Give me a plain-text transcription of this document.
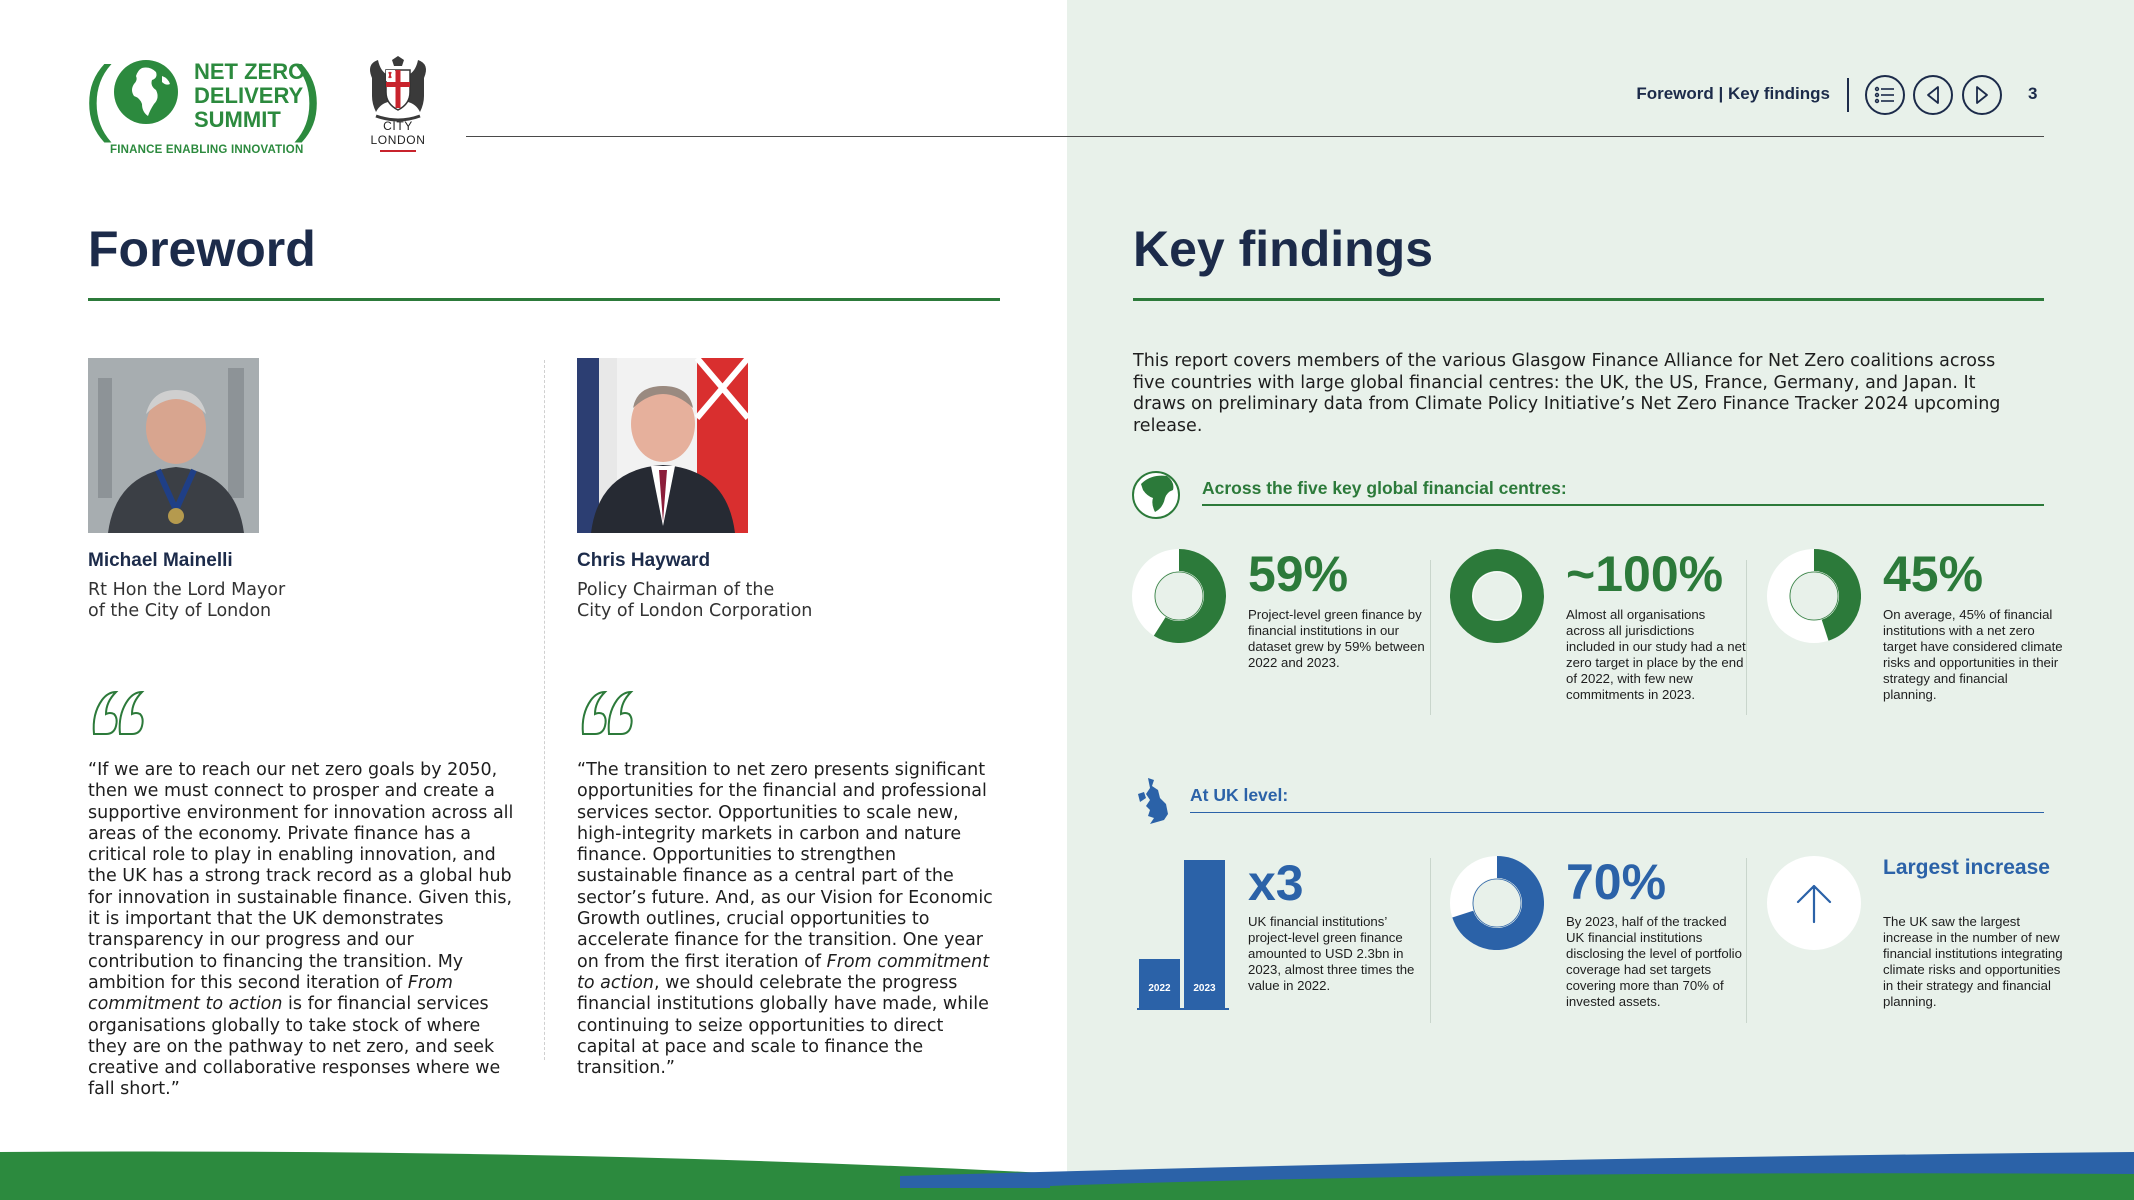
( (
NET ZERO
DELIVERY
SUMMIT
FINANCE ENABLING INNOVATION
CITY
LONDON
Foreword | Key findings	3
Foreword
Michael Mainelli
Rt Hon the Lord Mayor
of the City of London
“If we are to reach our net zero goals by 2050, then we must connect to prosper and create a supportive environment for innovation across all areas of the economy. Private finance has a critical role to play in enabling innovation, and the UK has a strong track record as a global hub for innovation in sustainable finance. Given this, it is important that the UK demonstrates transparency in our progress and our contribution to financing the transition. My ambition for this second iteration of From commitment to action is for financial services organisations globally to take stock of where they are on the pathway to net zero, and seek creative and collaborative responses where we fall short.”
Chris Hayward
Policy Chairman of the
City of London Corporation
“The transition to net zero presents significant opportunities for the financial and professional services sector. Opportunities to scale new, high-integrity markets in carbon and nature finance. Opportunities to strengthen sustainable finance as a central part of the sector’s future. And, as our Vision for Economic Growth outlines, crucial opportunities to accelerate finance for the transition. One year on from the first iteration of From commitment to action, we should celebrate the progress financial institutions globally have made, while continuing to seize opportunities to direct capital at pace and scale to finance the transition.”
Key findings
This report covers members of the various Glasgow Finance Alliance for Net Zero coalitions across five countries with large global financial centres: the UK, the US, France, Germany, and Japan. It draws on preliminary data from Climate Policy Initiative’s Net Zero Finance Tracker 2024 upcoming release.
Across the five key global financial centres:
59%
Project-level green finance by financial institutions in our dataset grew by 59% between 2022 and 2023.
~100%
Almost all organisations across all jurisdictions included in our study had a net zero target in place by the end of 2022, with few new commitments in 2023.
45%
On average, 45% of financial institutions with a net zero target have considered climate risks and opportunities in their strategy and financial planning.
At UK level:
2022 2023
x3
UK financial institutions’ project-level green finance amounted to USD 2.3bn in 2023, almost three times the value in 2022.
70%
By 2023, half of the tracked UK financial institutions disclosing the level of portfolio coverage had set targets covering more than 70% of invested assets.
Largest increase
The UK saw the largest increase in the number of new financial institutions integrating climate risks and opportunities in their strategy and financial planning.
